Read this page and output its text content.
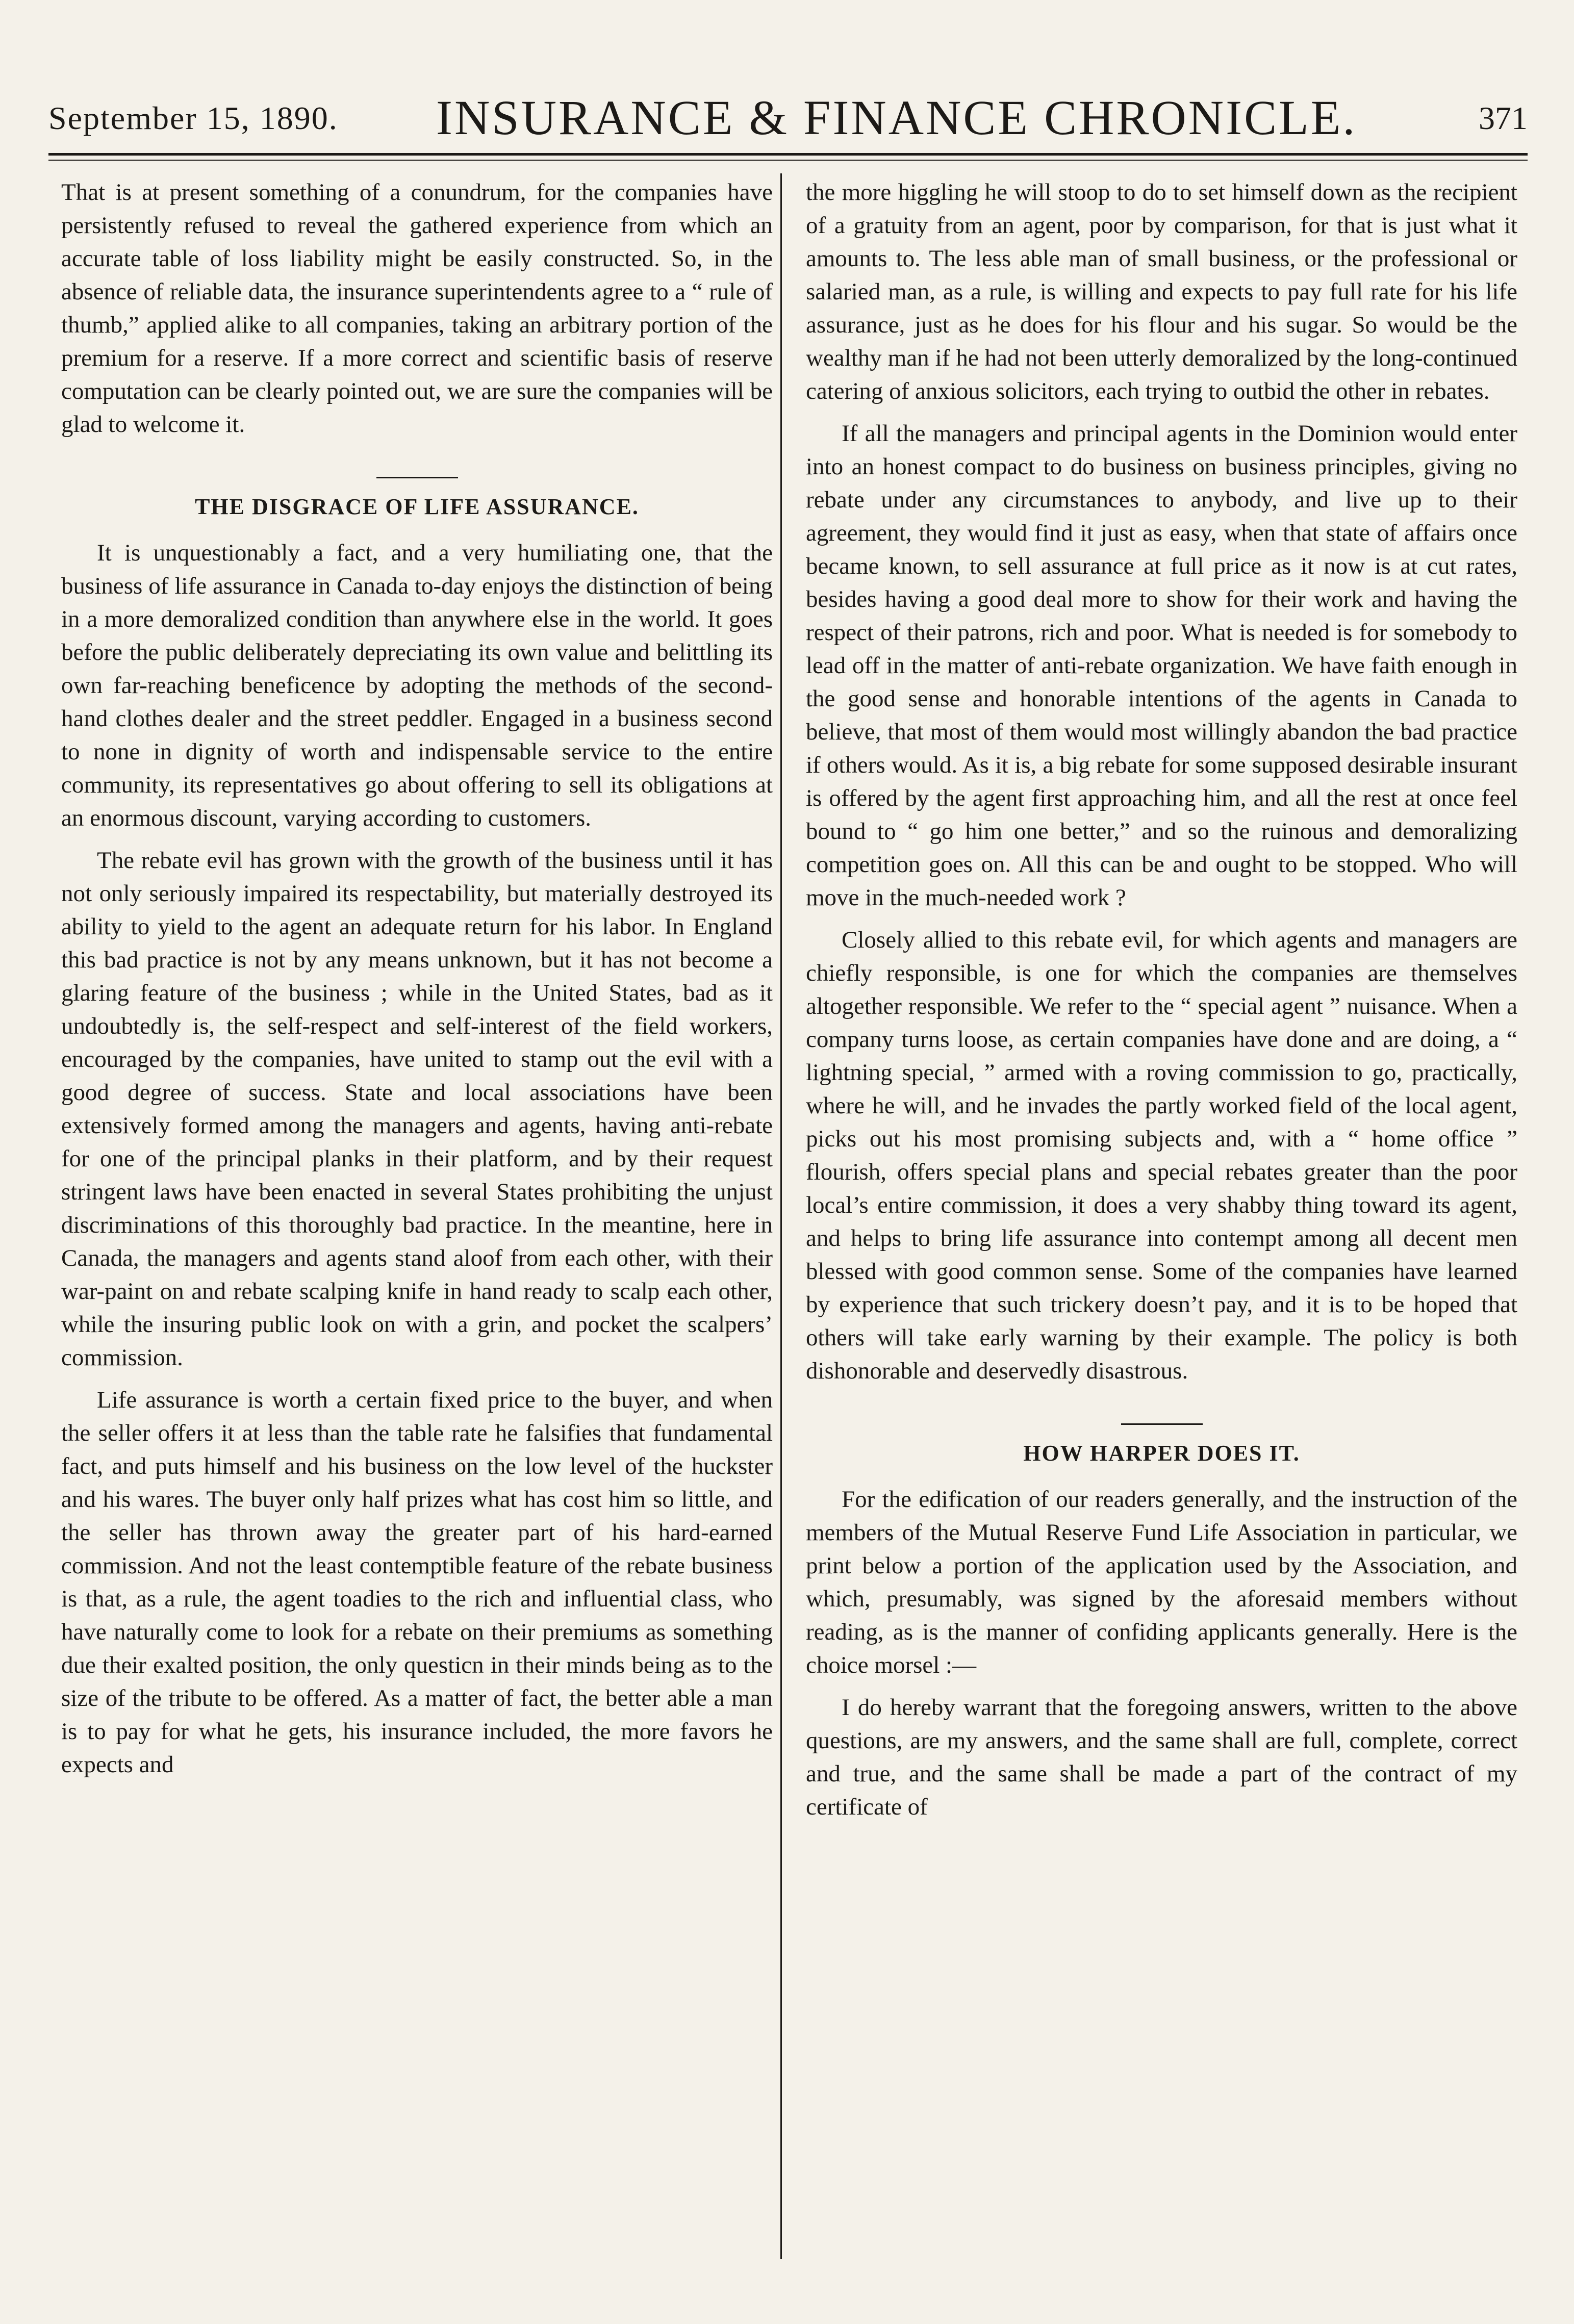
September 15, 1890. INSURANCE & FINANCE CHRONICLE.	371

That is at present something of a conundrum, for the companies have persistently refused to reveal the gathered experience from which an accurate table of loss liability might be easily constructed. So, in the absence of reliable data, the insurance superintendents agree to a “ rule of thumb,” applied alike to all companies, taking an arbitrary portion of the premium for a reserve. If a more correct and scientific basis of reserve computation can be clearly pointed out, we are sure the companies will be glad to welcome it.

THE DISGRACE OF LIFE ASSURANCE.

It is unquestionably a fact, and a very humiliating one, that the business of life assurance in Canada to-day enjoys the distinction of being in a more demoralized condition than anywhere else in the world. It goes before the public deliberately depreciating its own value and belittling its own far-reaching beneficence by adopting the methods of the second-hand clothes dealer and the street peddler. Engaged in a business second to none in dignity of worth and indispensable service to the entire community, its representatives go about offering to sell its obligations at an enormous discount, varying according to customers.

The rebate evil has grown with the growth of the business until it has not only seriously impaired its respectability, but materially destroyed its ability to yield to the agent an adequate return for his labor. In England this bad practice is not by any means unknown, but it has not become a glaring feature of the business ; while in the United States, bad as it undoubtedly is, the self-respect and self-interest of the field workers, encouraged by the companies, have united to stamp out the evil with a good degree of success. State and local associations have been extensively formed among the managers and agents, having anti-rebate for one of the principal planks in their platform, and by their request stringent laws have been enacted in several States prohibiting the unjust discriminations of this thoroughly bad practice. In the meantine, here in Canada, the managers and agents stand aloof from each other, with their war-paint on and rebate scalping knife in hand ready to scalp each other, while the insuring public look on with a grin, and pocket the scalpers’ commission.

Life assurance is worth a certain fixed price to the buyer, and when the seller offers it at less than the table rate he falsifies that fundamental fact, and puts himself and his business on the low level of the huckster and his wares. The buyer only half prizes what has cost him so little, and the seller has thrown away the greater part of his hard-earned commission. And not the least contemptible feature of the rebate business is that, as a rule, the agent toadies to the rich and influential class, who have naturally come to look for a rebate on their premiums as something due their exalted position, the only questicn in their minds being as to the size of the tribute to be offered. As a matter of fact, the better able a man is to pay for what he gets, his insurance included, the more favors he expects and

the more higgling he will stoop to do to set himself down as the recipient of a gratuity from an agent, poor by comparison, for that is just what it amounts to. The less able man of small business, or the professional or salaried man, as a rule, is willing and expects to pay full rate for his life assurance, just as he does for his flour and his sugar. So would be the wealthy man if he had not been utterly demoralized by the long-continued catering of anxious solicitors, each trying to outbid the other in rebates.

If all the managers and principal agents in the Dominion would enter into an honest compact to do business on business principles, giving no rebate under any circumstances to anybody, and live up to their agreement, they would find it just as easy, when that state of affairs once became known, to sell assurance at full price as it now is at cut rates, besides having a good deal more to show for their work and having the respect of their patrons, rich and poor. What is needed is for somebody to lead off in the matter of anti-rebate organization. We have faith enough in the good sense and honorable intentions of the agents in Canada to believe, that most of them would most willingly abandon the bad practice if others would. As it is, a big rebate for some supposed desirable insurant is offered by the agent first approaching him, and all the rest at once feel bound to “ go him one better,” and so the ruinous and demoralizing competition goes on. All this can be and ought to be stopped. Who will move in the much-needed work ?

Closely allied to this rebate evil, for which agents and managers are chiefly responsible, is one for which the companies are themselves altogether responsible. We refer to the “ special agent ” nuisance. When a company turns loose, as certain companies have done and are doing, a “ lightning special, ” armed with a roving commission to go, practically, where he will, and he invades the partly worked field of the local agent, picks out his most promising subjects and, with a “ home office ” flourish, offers special plans and special rebates greater than the poor local’s entire commission, it does a very shabby thing toward its agent, and helps to bring life assurance into contempt among all decent men blessed with good common sense. Some of the companies have learned by experience that such trickery doesn’t pay, and it is to be hoped that others will take early warning by their example. The policy is both dishonorable and deservedly disastrous.

HOW HARPER DOES IT.

For the edification of our readers generally, and the instruction of the members of the Mutual Reserve Fund Life Association in particular, we print below a portion of the application used by the Association, and which, presumably, was signed by the aforesaid members without reading, as is the manner of confiding applicants generally. Here is the choice morsel :—

I do hereby warrant that the foregoing answers, written to the above questions, are my answers, and the same shall are full, complete, correct and true, and the same shall be made a part of the contract of my certificate of
